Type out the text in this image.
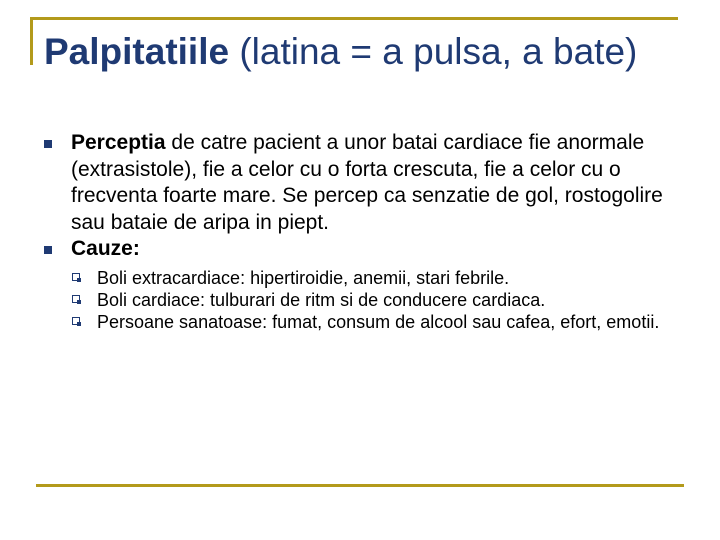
Palpitatiile (latina = a pulsa, a bate)
Perceptia de catre pacient a unor batai cardiace fie anormale (extrasistole), fie a celor cu o forta crescuta, fie a celor cu o frecventa foarte mare. Se percep ca senzatie de gol, rostogolire sau bataie de aripa in piept.
Cauze:
Boli extracardiace: hipertiroidie, anemii, stari febrile.
Boli cardiace: tulburari de ritm si de conducere cardiaca.
Persoane sanatoase: fumat, consum de alcool sau cafea, efort, emotii.
